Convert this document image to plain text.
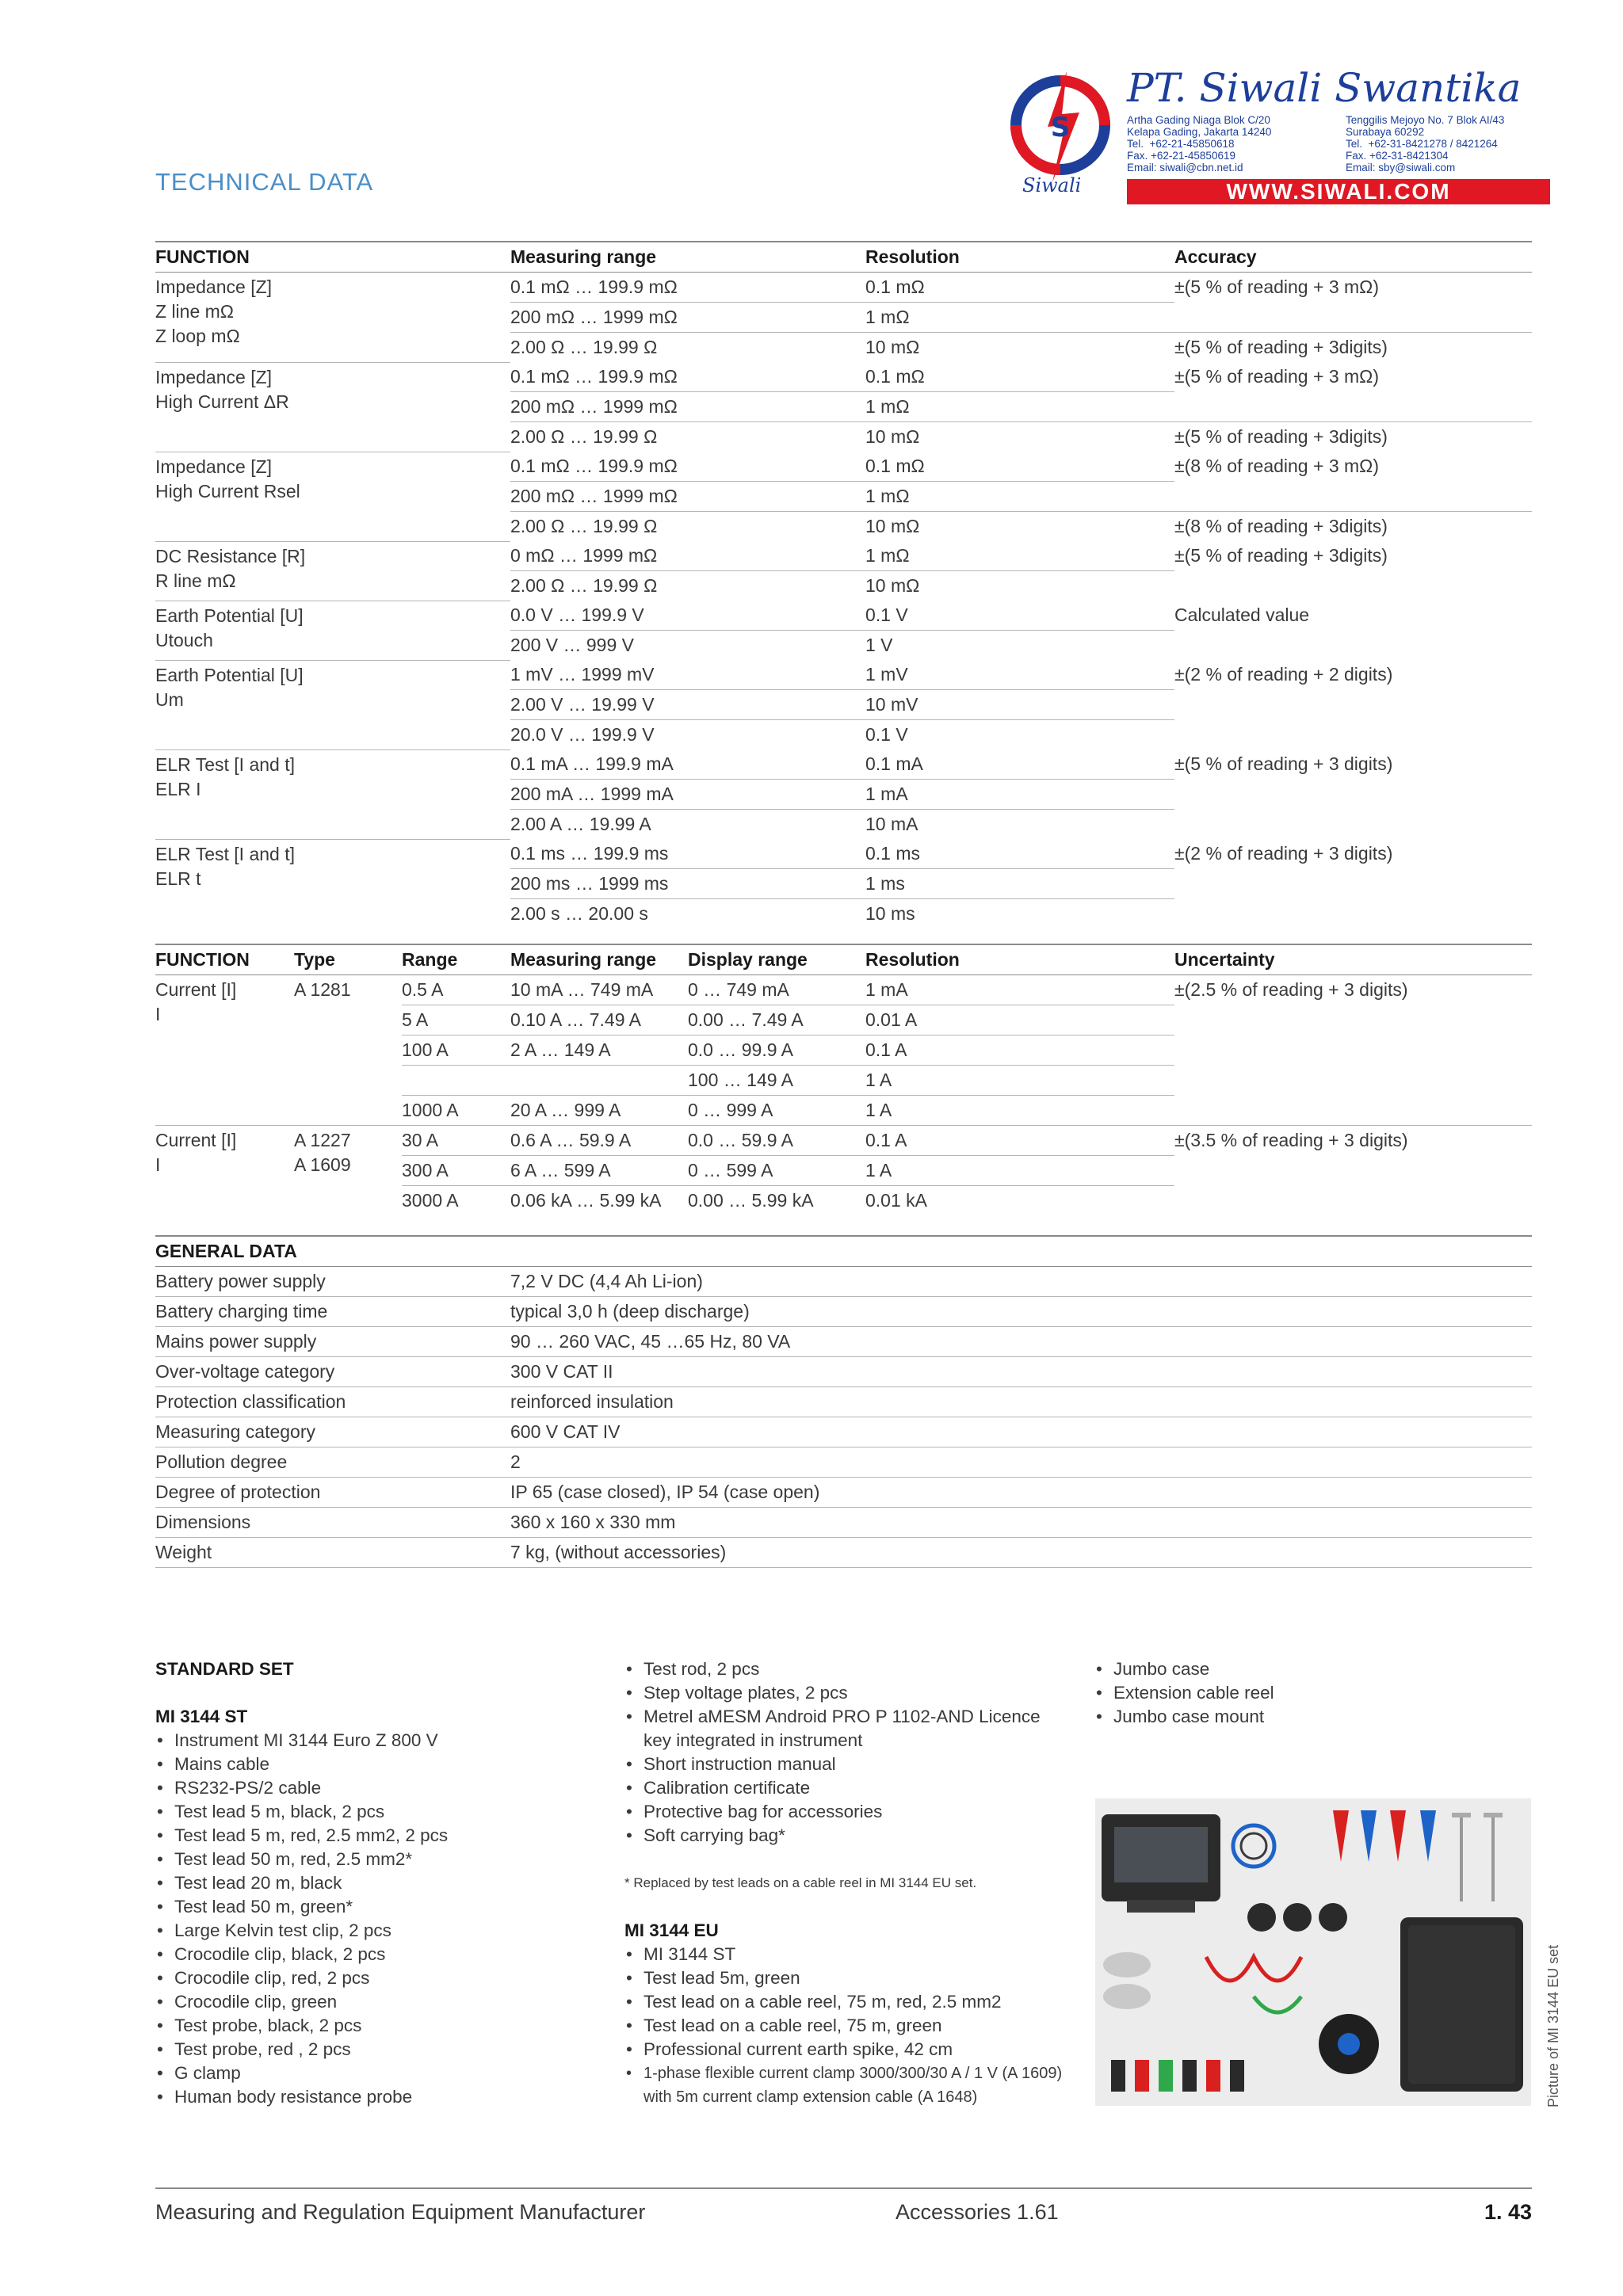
TECHNICAL DATA
S
Siwali
PT. Siwali Swantika
Artha Gading Niaga Blok C/20
Kelapa Gading, Jakarta 14240
Tel.  +62-21-45850618
Fax. +62-21-45850619
Email: siwali@cbn.net.id
Tenggilis Mejoyo No. 7 Blok AI/43
Surabaya 60292
Tel.  +62-31-8421278 / 8421264
Fax. +62-31-8421304
Email: sby@siwali.com
WWW.SIWALI.COM
FUNCTION	Measuring range	Resolution	Accuracy
Impedance [Z]
Z line mΩ
Z loop mΩ	0.1 mΩ … 199.9 mΩ	0.1 mΩ	±(5 % of reading + 3 mΩ)
	200 mΩ … 1999 mΩ	1 mΩ	
	2.00 Ω … 19.99 Ω	10 mΩ	±(5 % of reading + 3digits)
Impedance [Z]
High Current ΔR	0.1 mΩ … 199.9 mΩ	0.1 mΩ	±(5 % of reading + 3 mΩ)
	200 mΩ … 1999 mΩ	1 mΩ	
	2.00 Ω … 19.99 Ω	10 mΩ	±(5 % of reading + 3digits)
Impedance [Z]
High Current Rsel	0.1 mΩ … 199.9 mΩ	0.1 mΩ	±(8 % of reading + 3 mΩ)
	200 mΩ … 1999 mΩ	1 mΩ	
	2.00 Ω … 19.99 Ω	10 mΩ	±(8 % of reading + 3digits)
DC Resistance [R]
R line mΩ	0 mΩ … 1999 mΩ	1 mΩ	±(5 % of reading + 3digits)
	2.00 Ω … 19.99 Ω	10 mΩ	
Earth Potential [U]
Utouch	0.0 V … 199.9 V	0.1 V	Calculated value
	200 V … 999 V	1 V	
Earth Potential [U]
Um	1 mV … 1999 mV	1 mV	±(2 % of reading + 2 digits)
	2.00 V … 19.99 V	10 mV	
	20.0 V … 199.9 V	0.1 V	
ELR Test [I and t]
ELR I	0.1 mA … 199.9 mA	0.1 mA	±(5 % of reading + 3 digits)
	200 mA … 1999 mA	1 mA	
	2.00 A … 19.99 A	10 mA	
ELR Test [I and t]
ELR t	0.1 ms … 199.9 ms	0.1 ms	±(2 % of reading + 3 digits)
	200 ms … 1999 ms	1 ms	
	2.00 s … 20.00 s	10 ms	
FUNCTION	Type	Range	Measuring range	Display range	Resolution	Uncertainty
Current [I]
I	A 1281	0.5 A	10 mA … 749 mA	0 … 749 mA	1 mA	±(2.5 % of reading + 3 digits)
		5 A	0.10 A … 7.49 A	0.00 … 7.49 A	0.01 A	
		100 A	2 A … 149 A	0.0 … 99.9 A	0.1 A	
				100 … 149 A	1 A	
		1000 A	20 A … 999 A	0 … 999 A	1 A	
Current [I]
I	A 1227
A 1609	30 A	0.6 A … 59.9 A	0.0 … 59.9 A	0.1 A	±(3.5 % of reading + 3 digits)
		300 A	6 A … 599 A	0 … 599 A	1 A	
		3000 A	0.06 kA … 5.99 kA	0.00 … 5.99 kA	0.01 kA	
GENERAL DATA	
Battery power supply	7,2 V DC (4,4 Ah Li-ion)
Battery charging time	typical 3,0 h (deep discharge)
Mains power supply	90 … 260 VAC, 45 …65 Hz, 80 VA
Over-voltage category	300 V CAT II
Protection classification	reinforced insulation
Measuring category	600 V CAT IV
Pollution degree	2
Degree of protection	IP 65 (case closed), IP 54 (case open)
Dimensions	360 x 160 x 330 mm
Weight	7 kg, (without accessories)
STANDARD SET
MI 3144 ST
• Instrument MI 3144 Euro Z 800 V
• Mains cable
• RS232-PS/2 cable
• Test lead 5 m, black, 2 pcs
• Test lead 5 m, red, 2.5 mm2, 2 pcs
• Test lead 50 m, red, 2.5 mm2*
• Test lead 20 m, black
• Test lead 50 m, green*
• Large Kelvin test clip, 2 pcs
• Crocodile clip, black, 2 pcs
• Crocodile clip, red, 2 pcs
• Crocodile clip, green
• Test probe, black, 2 pcs
• Test probe, red , 2 pcs
• G clamp
• Human body resistance probe
• Test rod, 2 pcs
• Step voltage plates, 2 pcs
• Metrel aMESM Android PRO P 1102-AND Licence key integrated in instrument
• Short instruction manual
• Calibration certificate
• Protective bag for accessories
• Soft carrying bag*
* Replaced by test leads on a cable reel in MI 3144 EU set.
MI 3144 EU
• MI 3144 ST
• Test lead 5m, green
• Test lead on a cable reel, 75 m, red, 2.5 mm2
• Test lead on a cable reel, 75 m, green
• Professional current earth spike, 42 cm
• 1-phase flexible current clamp 3000/300/30 A / 1 V (A 1609) with 5m current clamp extension cable (A 1648)
• Jumbo case
• Extension cable reel
• Jumbo case mount
Picture of MI 3144 EU set
Measuring and Regulation Equipment Manufacturer	Accessories 1.61	1. 43
